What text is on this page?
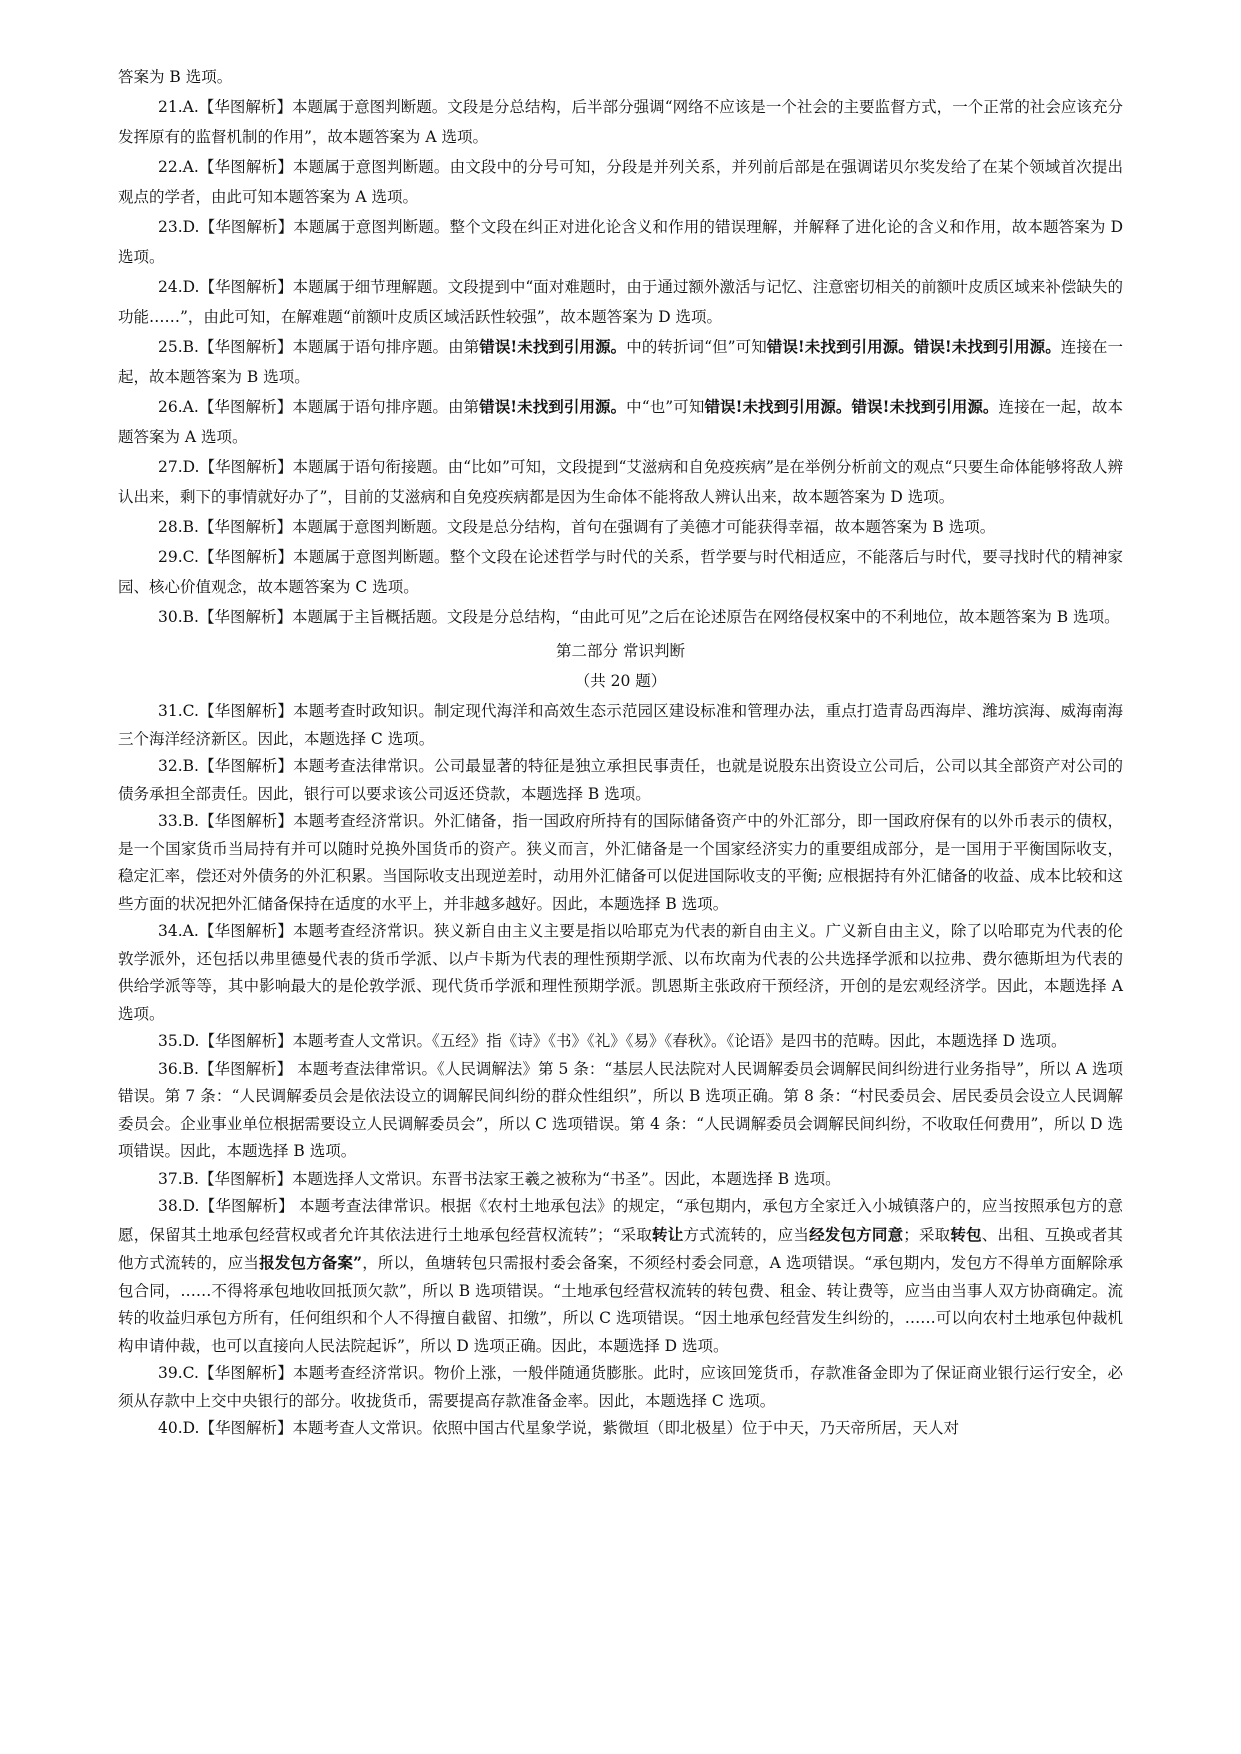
答案为 B 选项。

21.A.【华图解析】本题属于意图判断题。文段是分总结构，后半部分强调“网络不应该是一个社会的主要监督方式，一个正常的社会应该充分发挥原有的监督机制的作用”，故本题答案为 A 选项。

22.A.【华图解析】本题属于意图判断题。由文段中的分号可知，分段是并列关系，并列前后部是在强调诺贝尔奖发给了在某个领域首次提出观点的学者，由此可知本题答案为 A 选项。

23.D.【华图解析】本题属于意图判断题。整个文段在纠正对进化论含义和作用的错误理解，并解释了进化论的含义和作用，故本题答案为 D 选项。

24.D.【华图解析】本题属于细节理解题。文段提到中“面对难题时，由于通过额外激活与记忆、注意密切相关的前额叶皮质区域来补偿缺失的功能……”，由此可知，在解难题“前额叶皮质区域活跃性较强”，故本题答案为 D 选项。

25.B.【华图解析】本题属于语句排序题。由第错误!未找到引用源。中的转折词“但”可知错误!未找到引用源。错误!未找到引用源。连接在一起，故本题答案为 B 选项。

26.A.【华图解析】本题属于语句排序题。由第错误!未找到引用源。中“也”可知错误!未找到引用源。错误!未找到引用源。连接在一起，故本题答案为 A 选项。

27.D.【华图解析】本题属于语句衔接题。由“比如”可知，文段提到“艾滋病和自免疫疾病”是在举例分析前文的观点“只要生命体能够将敌人辨认出来，剩下的事情就好办了”，目前的艾滋病和自免疫疾病都是因为生命体不能将敌人辨认出来，故本题答案为 D 选项。

28.B.【华图解析】本题属于意图判断题。文段是总分结构，首句在强调有了美德才可能获得幸福，故本题答案为 B 选项。

29.C.【华图解析】本题属于意图判断题。整个文段在论述哲学与时代的关系，哲学要与时代相适应，不能落后与时代，要寻找时代的精神家园、核心价值观念，故本题答案为 C 选项。

30.B.【华图解析】本题属于主旨概括题。文段是分总结构，“由此可见”之后在论述原告在网络侵权案中的不利地位，故本题答案为 B 选项。

第二部分 常识判断
（共 20 题）

31.C.【华图解析】本题考查时政知识。制定现代海洋和高效生态示范园区建设标准和管理办法，重点打造青岛西海岸、潍坊滨海、威海南海三个海洋经济新区。因此，本题选择 C 选项。

32.B.【华图解析】本题考查法律常识。公司最显著的特征是独立承担民事责任，也就是说股东出资设立公司后，公司以其全部资产对公司的债务承担全部责任。因此，银行可以要求该公司返还贷款，本题选择 B 选项。

33.B.【华图解析】本题考查经济常识。外汇储备，指一国政府所持有的国际储备资产中的外汇部分，即一国政府保有的以外币表示的债权，是一个国家货币当局持有并可以随时兑换外国货币的资产。狭义而言，外汇储备是一个国家经济实力的重要组成部分，是一国用于平衡国际收支，稳定汇率，偿还对外债务的外汇积累。当国际收支出现逆差时，动用外汇储备可以促进国际收支的平衡; 应根据持有外汇储备的收益、成本比较和这些方面的状况把外汇储备保持在适度的水平上，并非越多越好。因此，本题选择 B 选项。

34.A.【华图解析】本题考查经济常识。狭义新自由主义主要是指以哈耶克为代表的新自由主义。广义新自由主义，除了以哈耶克为代表的伦敦学派外，还包括以弗里德曼代表的货币学派、以卢卡斯为代表的理性预期学派、以布坎南为代表的公共选择学派和以拉弗、费尔德斯坦为代表的供给学派等等，其中影响最大的是伦敦学派、现代货币学派和理性预期学派。凯恩斯主张政府干预经济，开创的是宏观经济学。因此，本题选择 A 选项。

35.D.【华图解析】本题考查人文常识。《五经》指《诗》《书》《礼》《易》《春秋》。《论语》是四书的范畴。因此，本题选择 D 选项。

36.B.【华图解析】 本题考查法律常识。《人民调解法》第 5 条：“基层人民法院对人民调解委员会调解民间纠纷进行业务指导”，所以 A 选项错误。第 7 条：“人民调解委员会是依法设立的调解民间纠纷的群众性组织”，所以 B 选项正确。第 8 条：“村民委员会、居民委员会设立人民调解委员会。企业事业单位根据需要设立人民调解委员会”，所以 C 选项错误。第 4 条：“人民调解委员会调解民间纠纷，不收取任何费用”，所以 D 选项错误。因此，本题选择 B 选项。

37.B.【华图解析】本题选择人文常识。东晋书法家王羲之被称为“书圣”。因此，本题选择 B 选项。

38.D.【华图解析】 本题考查法律常识。根据《农村土地承包法》的规定，“承包期内，承包方全家迁入小城镇落户的，应当按照承包方的意愿，保留其土地承包经营权或者允许其依法进行土地承包经营权流转”；“采取转让方式流转的，应当经发包方同意；采取转包、出租、互换或者其他方式流转的，应当报发包方备案”，所以，鱼塘转包只需报村委会备案，不须经村委会同意，A 选项错误。“承包期内，发包方不得单方面解除承包合同，……不得将承包地收回抵顶欠款”，所以 B 选项错误。“土地承包经营权流转的转包费、租金、转让费等，应当由当事人双方协商确定。流转的收益归承包方所有，任何组织和个人不得擅自截留、扣缴”，所以 C 选项错误。“因土地承包经营发生纠纷的，……可以向农村土地承包仲裁机构申请仲裁，也可以直接向人民法院起诉”，所以 D 选项正确。因此，本题选择 D 选项。

39.C.【华图解析】本题考查经济常识。物价上涨，一般伴随通货膨胀。此时，应该回笼货币，存款准备金即为了保证商业银行运行安全，必须从存款中上交中央银行的部分。收拢货币，需要提高存款准备金率。因此，本题选择 C 选项。

40.D.【华图解析】本题考查人文常识。依照中国古代星象学说，紫微垣（即北极星）位于中天，乃天帝所居，天人对
